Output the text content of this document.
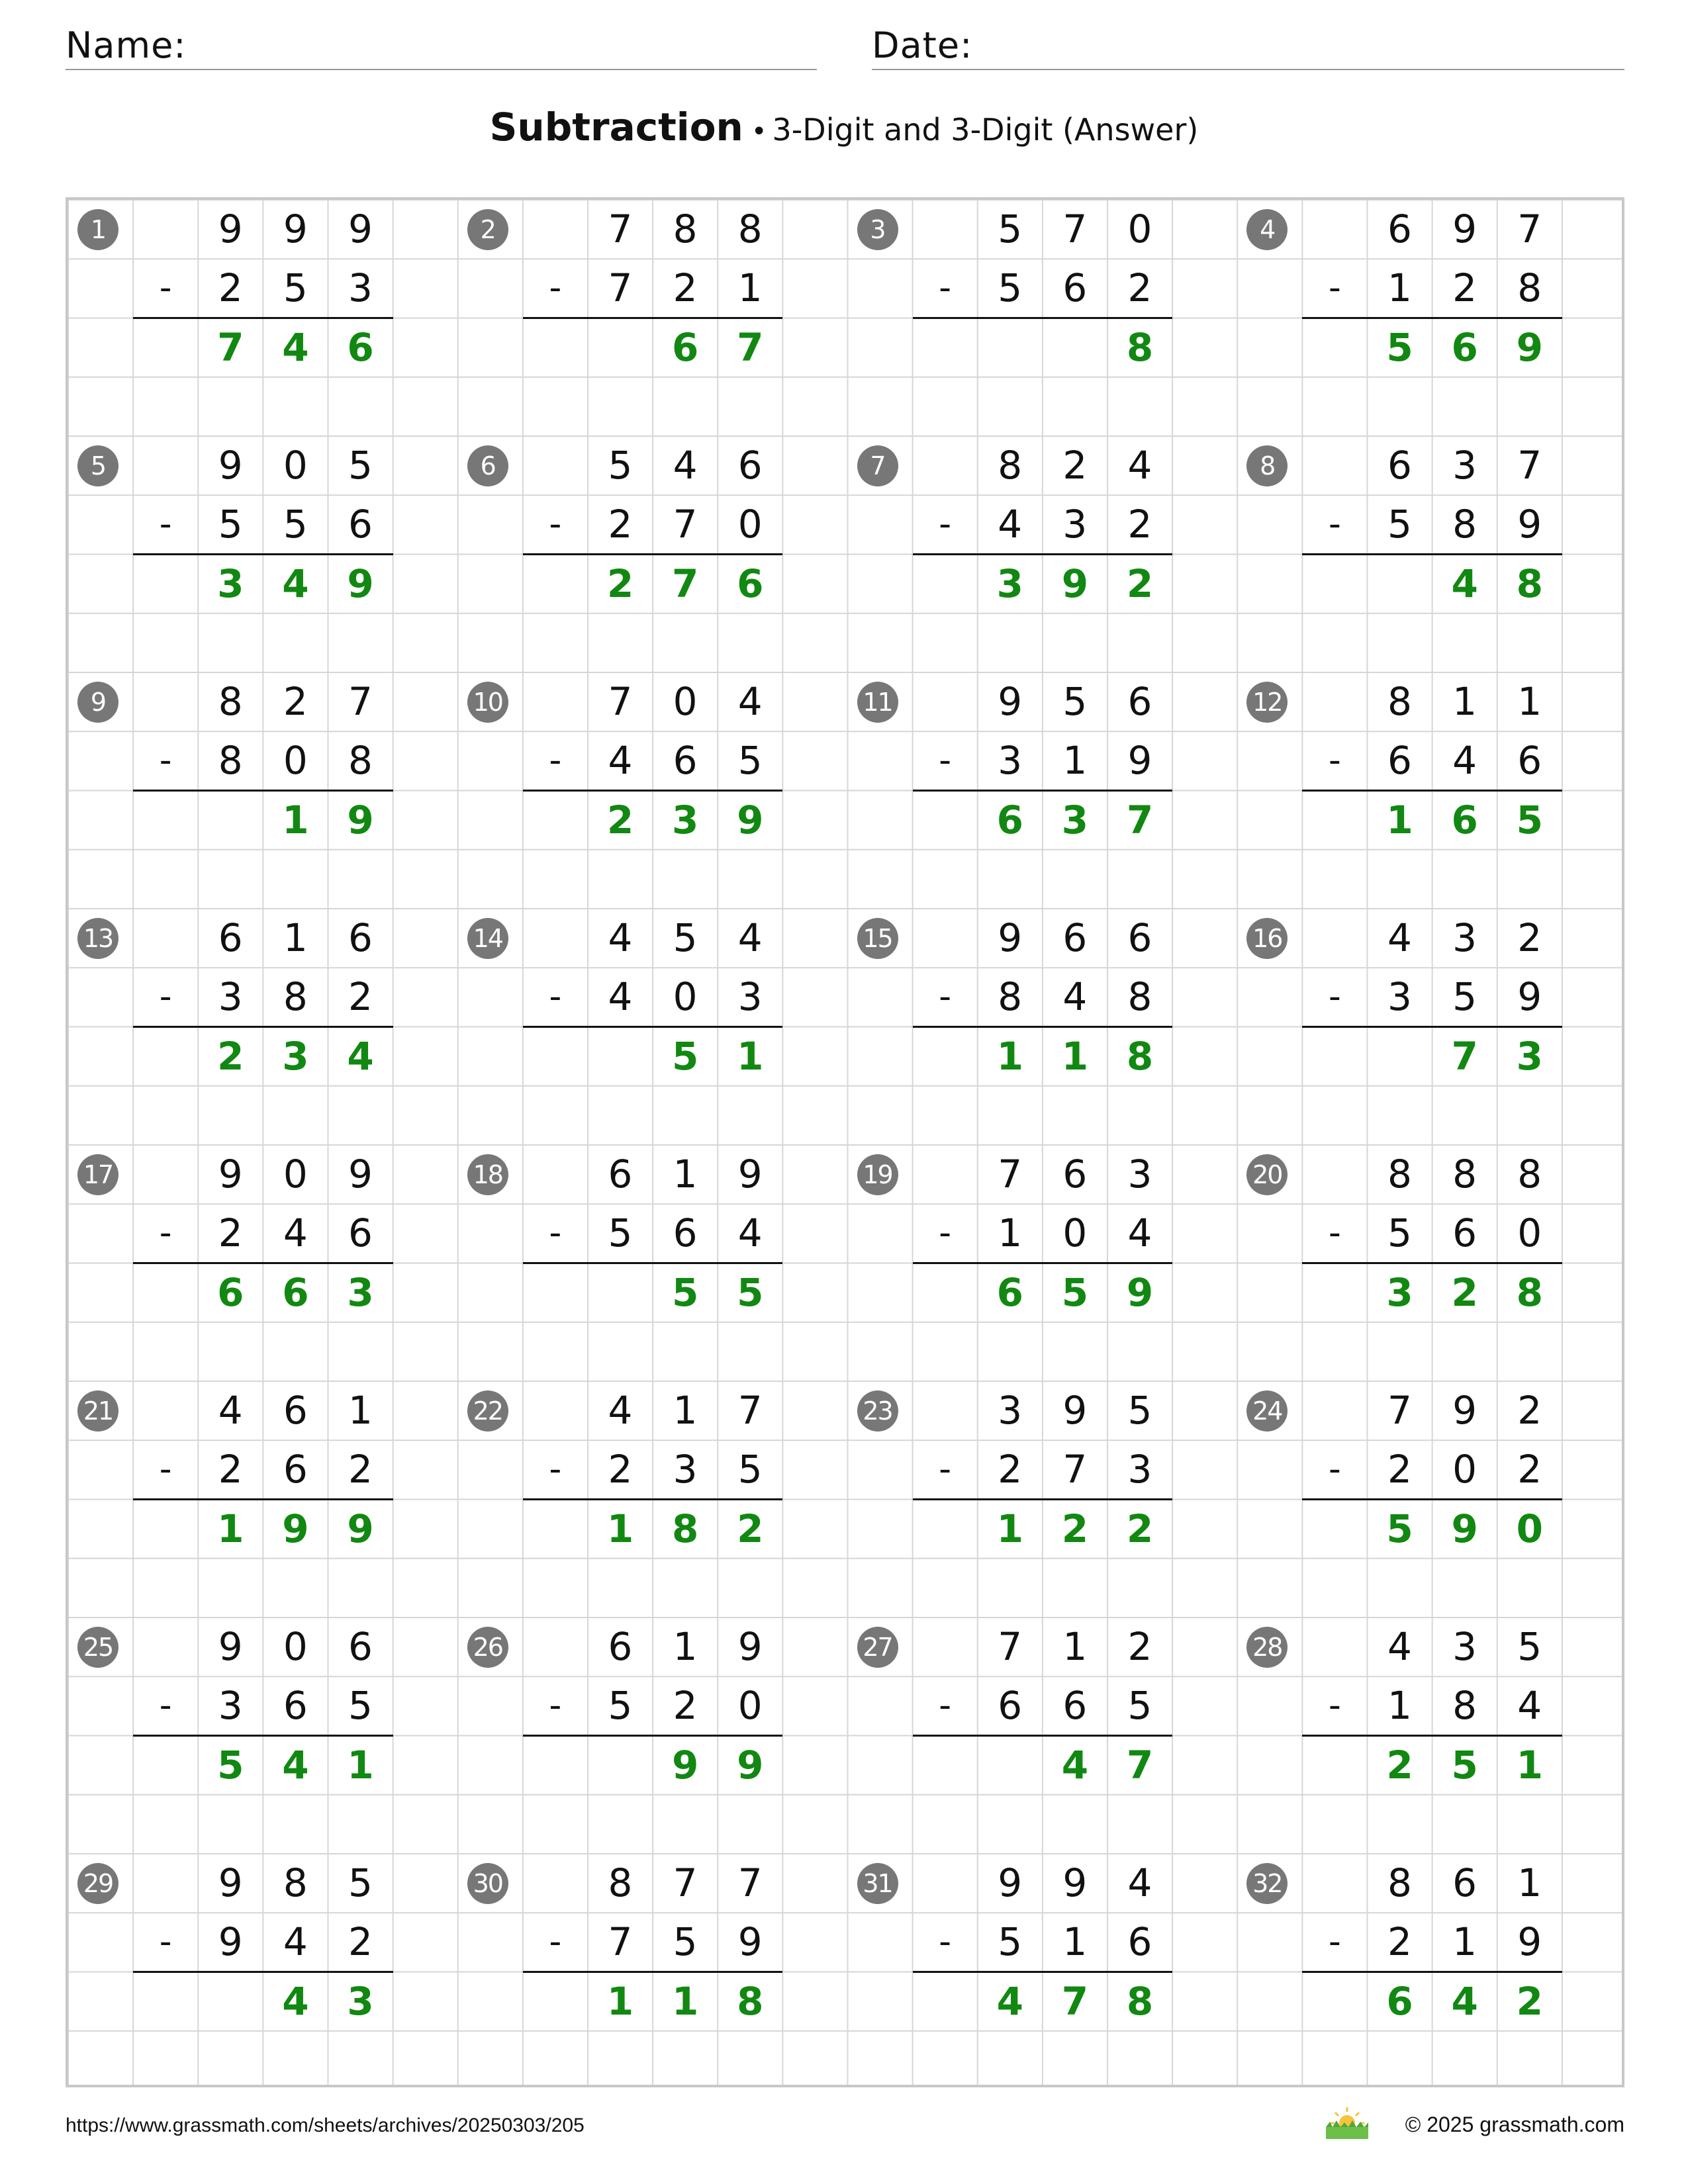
Name:	Date:
Subtraction • 3-Digit and 3-Digit (Answer)
1	9	9	9
-	2	5	3
7 4 6
2	7	8	8
-	7	2	1
6 7
3	5	7	0
-	5	6	2
8
4	6	9	7
-	1	2	8
5 6 9
5	9	0	5
-	5	5	6
3 4 9
6	5	4	6
-	2	7	0
2 7 6
7	8	2	4
-	4	3	2
3 9 2
8	6	3	7
-	5	8	9
4 8
9	8	2	7
-	8	0	8
1 9
10	7	0	4
-	4	6	5
2 3 9
11	9	5	6
-	3	1	9
6 3 7
12	8	1	1
-	6	4	6
1 6 5
13	6	1	6
-	3	8	2
2 3 4
14	4	5	4
-	4	0	3
5 1
15	9	6	6
-	8	4	8
1 1 8
16	4	3	2
-	3	5	9
7 3
17	9	0	9
-	2	4	6
6 6 3
18	6	1	9
-	5	6	4
5 5
19	7	6	3
-	1	0	4
6 5 9
20	8	8	8
-	5	6	0
3 2 8
21	4	6	1
-	2	6	2
1 9 9
22	4	1	7
-	2	3	5
1 8 2
23	3	9	5
-	2	7	3
1 2 2
24	7	9	2
-	2	0	2
5 9 0
25	9	0	6
-	3	6	5
5 4 1
26	6	1	9
-	5	2	0
9 9
27	7	1	2
-	6	6	5
4 7
28	4	3	5
-	1	8	4
2 5 1
29	9	8	5
-	9	4	2
4 3
30	8	7	7
-	7	5	9
1 1 8
31	9	9	4
-	5	1	6
4 7 8
32	8	6	1
-	2	1	9
6 4 2
https://www.grassmath.com/sheets/archives/20250303/205	© 2025 grassmath.com
